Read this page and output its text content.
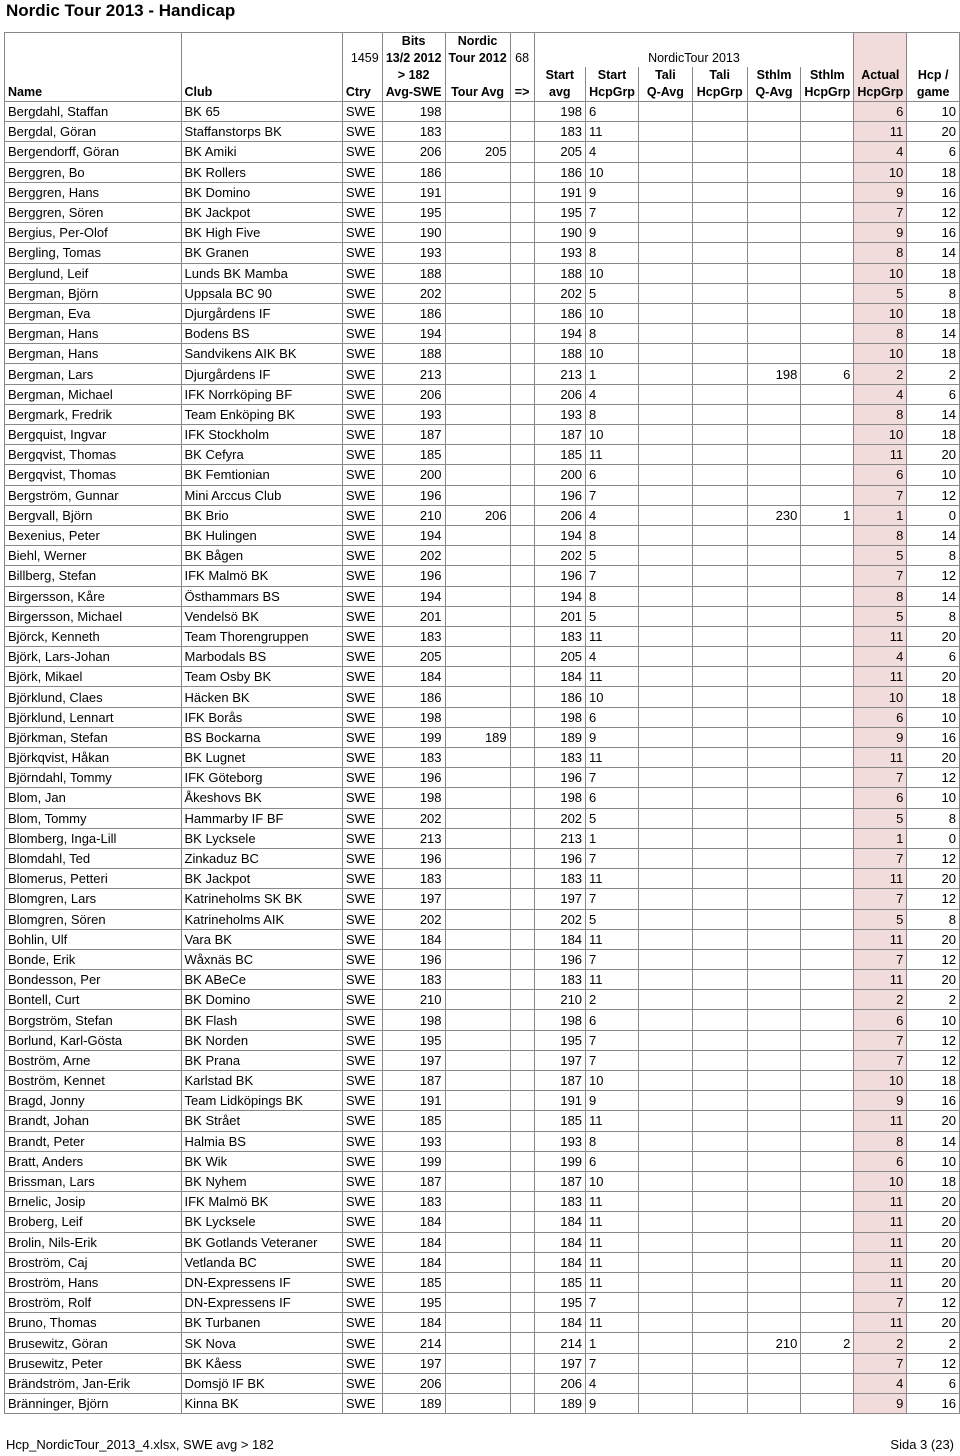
Nordic Tour 2013 - Handicap
			Bits	Nordic									
		1459	13/2 2012	Tour 2012	68	NordicTour 2013							
			> 182			Start	Start	Tali	Tali	Sthlm	Sthlm	Actual	Hcp /
Name	Club	Ctry	Avg-SWE	Tour Avg	=>	avg	HcpGrp	Q-Avg	HcpGrp	Q-Avg	HcpGrp	HcpGrp	game
Bergdahl, Staffan	BK 65	SWE	198			198	6					6	10
Bergdal, Göran	Staffanstorps BK	SWE	183			183	11					11	20
Bergendorff, Göran	BK Amiki	SWE	206	205		205	4					4	6
Berggren, Bo	BK Rollers	SWE	186			186	10					10	18
Berggren, Hans	BK Domino	SWE	191			191	9					9	16
Berggren, Sören	BK Jackpot	SWE	195			195	7					7	12
Bergius, Per-Olof	BK High Five	SWE	190			190	9					9	16
Bergling, Tomas	BK Granen	SWE	193			193	8					8	14
Berglund, Leif	Lunds BK Mamba	SWE	188			188	10					10	18
Bergman, Björn	Uppsala BC 90	SWE	202			202	5					5	8
Bergman, Eva	Djurgårdens IF	SWE	186			186	10					10	18
Bergman, Hans	Bodens BS	SWE	194			194	8					8	14
Bergman, Hans	Sandvikens AIK BK	SWE	188			188	10					10	18
Bergman, Lars	Djurgårdens IF	SWE	213			213	1			198	6	2	2
Bergman, Michael	IFK Norrköping BF	SWE	206			206	4					4	6
Bergmark, Fredrik	Team Enköping BK	SWE	193			193	8					8	14
Bergquist, Ingvar	IFK Stockholm	SWE	187			187	10					10	18
Bergqvist, Thomas	BK Cefyra	SWE	185			185	11					11	20
Bergqvist, Thomas	BK Femtionian	SWE	200			200	6					6	10
Bergström, Gunnar	Mini Arccus Club	SWE	196			196	7					7	12
Bergvall, Björn	BK Brio	SWE	210	206		206	4			230	1	1	0
Bexenius, Peter	BK Hulingen	SWE	194			194	8					8	14
Biehl, Werner	BK Bågen	SWE	202			202	5					5	8
Billberg, Stefan	IFK Malmö BK	SWE	196			196	7					7	12
Birgersson, Kåre	Östhammars BS	SWE	194			194	8					8	14
Birgersson, Michael	Vendelsö BK	SWE	201			201	5					5	8
Björck, Kenneth	Team Thorengruppen	SWE	183			183	11					11	20
Björk, Lars-Johan	Marbodals BS	SWE	205			205	4					4	6
Björk, Mikael	Team Osby BK	SWE	184			184	11					11	20
Björklund, Claes	Häcken BK	SWE	186			186	10					10	18
Björklund, Lennart	IFK Borås	SWE	198			198	6					6	10
Björkman, Stefan	BS Bockarna	SWE	199	189		189	9					9	16
Björkqvist, Håkan	BK Lugnet	SWE	183			183	11					11	20
Björndahl, Tommy	IFK Göteborg	SWE	196			196	7					7	12
Blom, Jan	Åkeshovs BK	SWE	198			198	6					6	10
Blom, Tommy	Hammarby IF BF	SWE	202			202	5					5	8
Blomberg, Inga-Lill	BK Lycksele	SWE	213			213	1					1	0
Blomdahl, Ted	Zinkaduz BC	SWE	196			196	7					7	12
Blomerus, Petteri	BK Jackpot	SWE	183			183	11					11	20
Blomgren, Lars	Katrineholms SK BK	SWE	197			197	7					7	12
Blomgren, Sören	Katrineholms AIK	SWE	202			202	5					5	8
Bohlin, Ulf	Vara BK	SWE	184			184	11					11	20
Bonde, Erik	Wåxnäs BC	SWE	196			196	7					7	12
Bondesson, Per	BK ABeCe	SWE	183			183	11					11	20
Bontell, Curt	BK Domino	SWE	210			210	2					2	2
Borgström, Stefan	BK Flash	SWE	198			198	6					6	10
Borlund, Karl-Gösta	BK Norden	SWE	195			195	7					7	12
Boström, Arne	BK Prana	SWE	197			197	7					7	12
Boström, Kennet	Karlstad BK	SWE	187			187	10					10	18
Bragd, Jonny	Team Lidköpings BK	SWE	191			191	9					9	16
Brandt, Johan	BK Strået	SWE	185			185	11					11	20
Brandt, Peter	Halmia BS	SWE	193			193	8					8	14
Bratt, Anders	BK Wik	SWE	199			199	6					6	10
Brissman, Lars	BK Nyhem	SWE	187			187	10					10	18
Brnelic, Josip	IFK Malmö BK	SWE	183			183	11					11	20
Broberg, Leif	BK Lycksele	SWE	184			184	11					11	20
Brolin, Nils-Erik	BK Gotlands Veteraner	SWE	184			184	11					11	20
Broström, Caj	Vetlanda BC	SWE	184			184	11					11	20
Broström, Hans	DN-Expressens IF	SWE	185			185	11					11	20
Broström, Rolf	DN-Expressens IF	SWE	195			195	7					7	12
Bruno, Thomas	BK Turbanen	SWE	184			184	11					11	20
Brusewitz, Göran	SK Nova	SWE	214			214	1			210	2	2	2
Brusewitz, Peter	BK Kåess	SWE	197			197	7					7	12
Brändström, Jan-Erik	Domsjö IF BK	SWE	206			206	4					4	6
Bränninger, Björn	Kinna BK	SWE	189			189	9					9	16
Hcp_NordicTour_2013_4.xlsx, SWE avg > 182	Sida 3 (23)
